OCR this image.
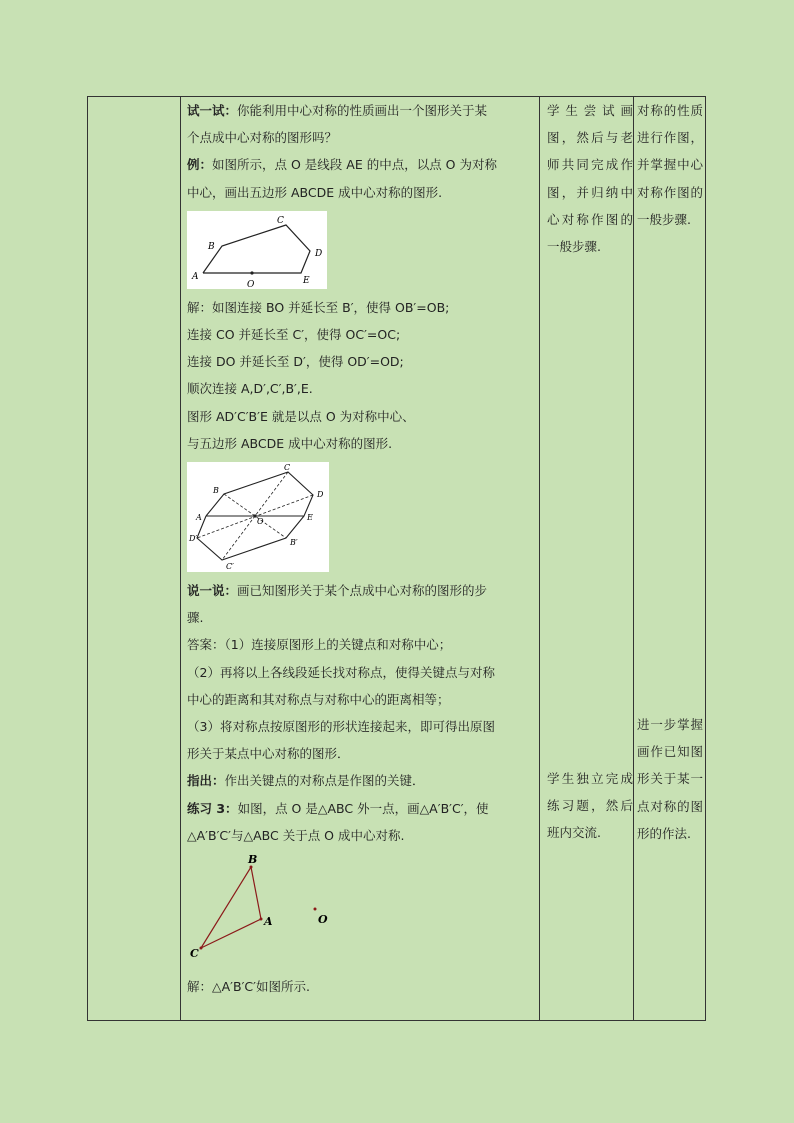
试一试：你能利用中心对称的性质画出一个图形关于某

个点成中心对称的图形吗？

例：如图所示，点 O 是线段 AE 的中点，以点 O 为对称

中心，画出五边形 ABCDE 成中心对称的图形.

A
B
C
D
E
O

解：如图连接 BO 并延长至 B′，使得 OB′=OB;

连接 CO 并延长至 C′，使得 OC′=OC;

连接 DO 并延长至 D′，使得 OD′=OD;

顺次连接 A,D′,C′,B′,E.

图形 AD′C′B′E 就是以点 O 为对称中心、

与五边形 ABCDE 成中心对称的图形.

A
B
C
D
E
O
B′
C′
D′

说一说：画已知图形关于某个点成中心对称的图形的步

骤.

答案：（1）连接原图形上的关键点和对称中心；

（2）再将以上各线段延长找对称点，使得关键点与对称

中心的距离和其对称点与对称中心的距离相等；

（3）将对称点按原图形的形状连接起来，即可得出原图

形关于某点中心对称的图形．

指出：作出关键点的对称点是作图的关键．

练习 3：如图，点 O 是△ABC 外一点，画△A′B′C′，使

△A′B′C′与△ABC 关于点 O 成中心对称.

B
A
C
O

解：△A′B′C′如图所示.

学生尝试画图，然后与老师共同完成作图，并归纳中心对称作图的一般步骤.
学生独立完成练习题，然后班内交流.
对称的性质进行作图，并掌握中心对称作图的一般步骤.
进一步掌握画作已知图形关于某一点对称的图形的作法.
